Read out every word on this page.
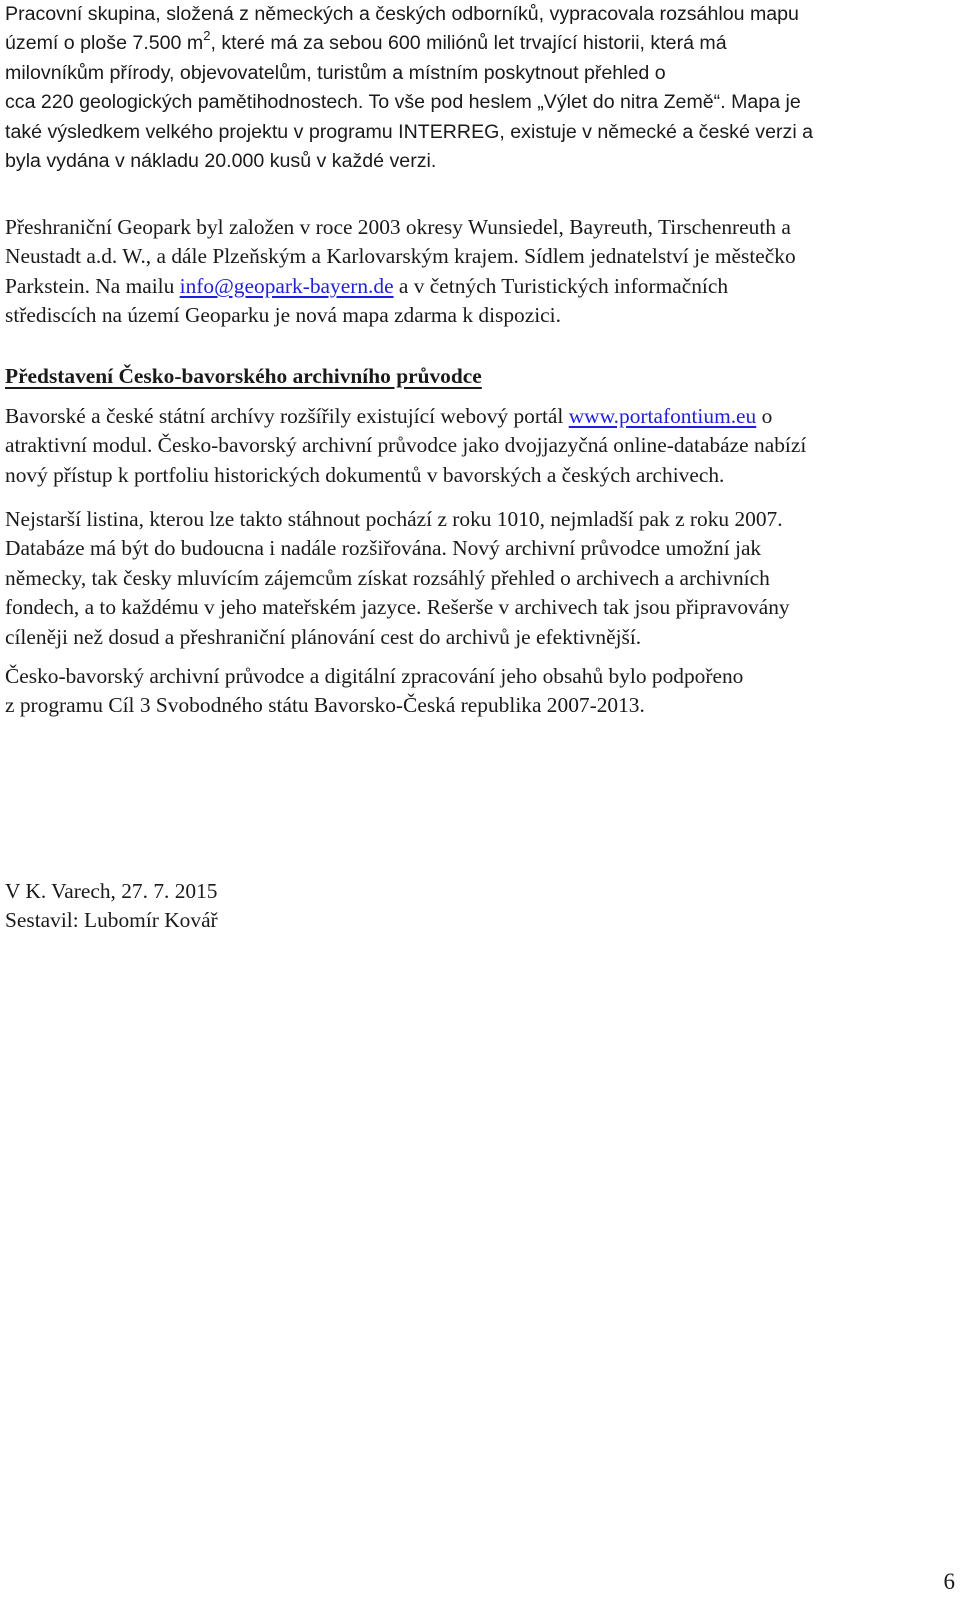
Pracovní skupina, složená z německých a českých odborníků, vypracovala rozsáhlou mapu
území o ploše 7.500 $m^2$, které má za sebou 600 miliónů let trvající historii, která má
milovníkům přírody, objevovatelům, turistům a místním poskytnout přehled o
cca 220 geologických pamětihodnostech. To vše pod heslem „Výlet do nitra Země“. Mapa je
také výsledkem velkého projektu v programu INTERREG, existuje v německé a české verzi a
byla vydána v nákladu 20.000 kusů v každé verzi.

Přeshraniční Geopark byl založen v roce 2003 okresy Wunsiedel, Bayreuth, Tirschenreuth a
Neustadt a.d. W., a dále Plzeňským a Karlovarským krajem. Sídlem jednatelství je městečko
Parkstein. Na mailu info@geopark-bayern.de a v četných Turistických informačních
střediscích na území Geoparku je nová mapa zdarma k dispozici.

Představení Česko-bavorského archivního průvodce

Bavorské a české státní archívy rozšířily existující webový portál www.portafontium.eu o
atraktivní modul. Česko-bavorský archivní průvodce jako dvojjazyčná online-databáze nabízí
nový přístup k portfoliu historických dokumentů v bavorských a českých archivech.

Nejstarší listina, kterou lze takto stáhnout pochází z roku 1010, nejmladší pak z roku 2007.
Databáze má být do budoucna i nadále rozšiřována. Nový archivní průvodce umožní jak
německy, tak česky mluvícím zájemcům získat rozsáhlý přehled o archivech a archivních
fondech, a to každému v jeho mateřském jazyce. Rešerše v archivech tak jsou připravovány
cíleněji než dosud a přeshraniční plánování cest do archivů je efektivnější.

Česko-bavorský archivní průvodce a digitální zpracování jeho obsahů bylo podpořeno
z programu Cíl 3 Svobodného státu Bavorsko-Česká republika 2007-2013.

V K. Varech, 27. 7. 2015
Sestavil: Lubomír Kovář

6
